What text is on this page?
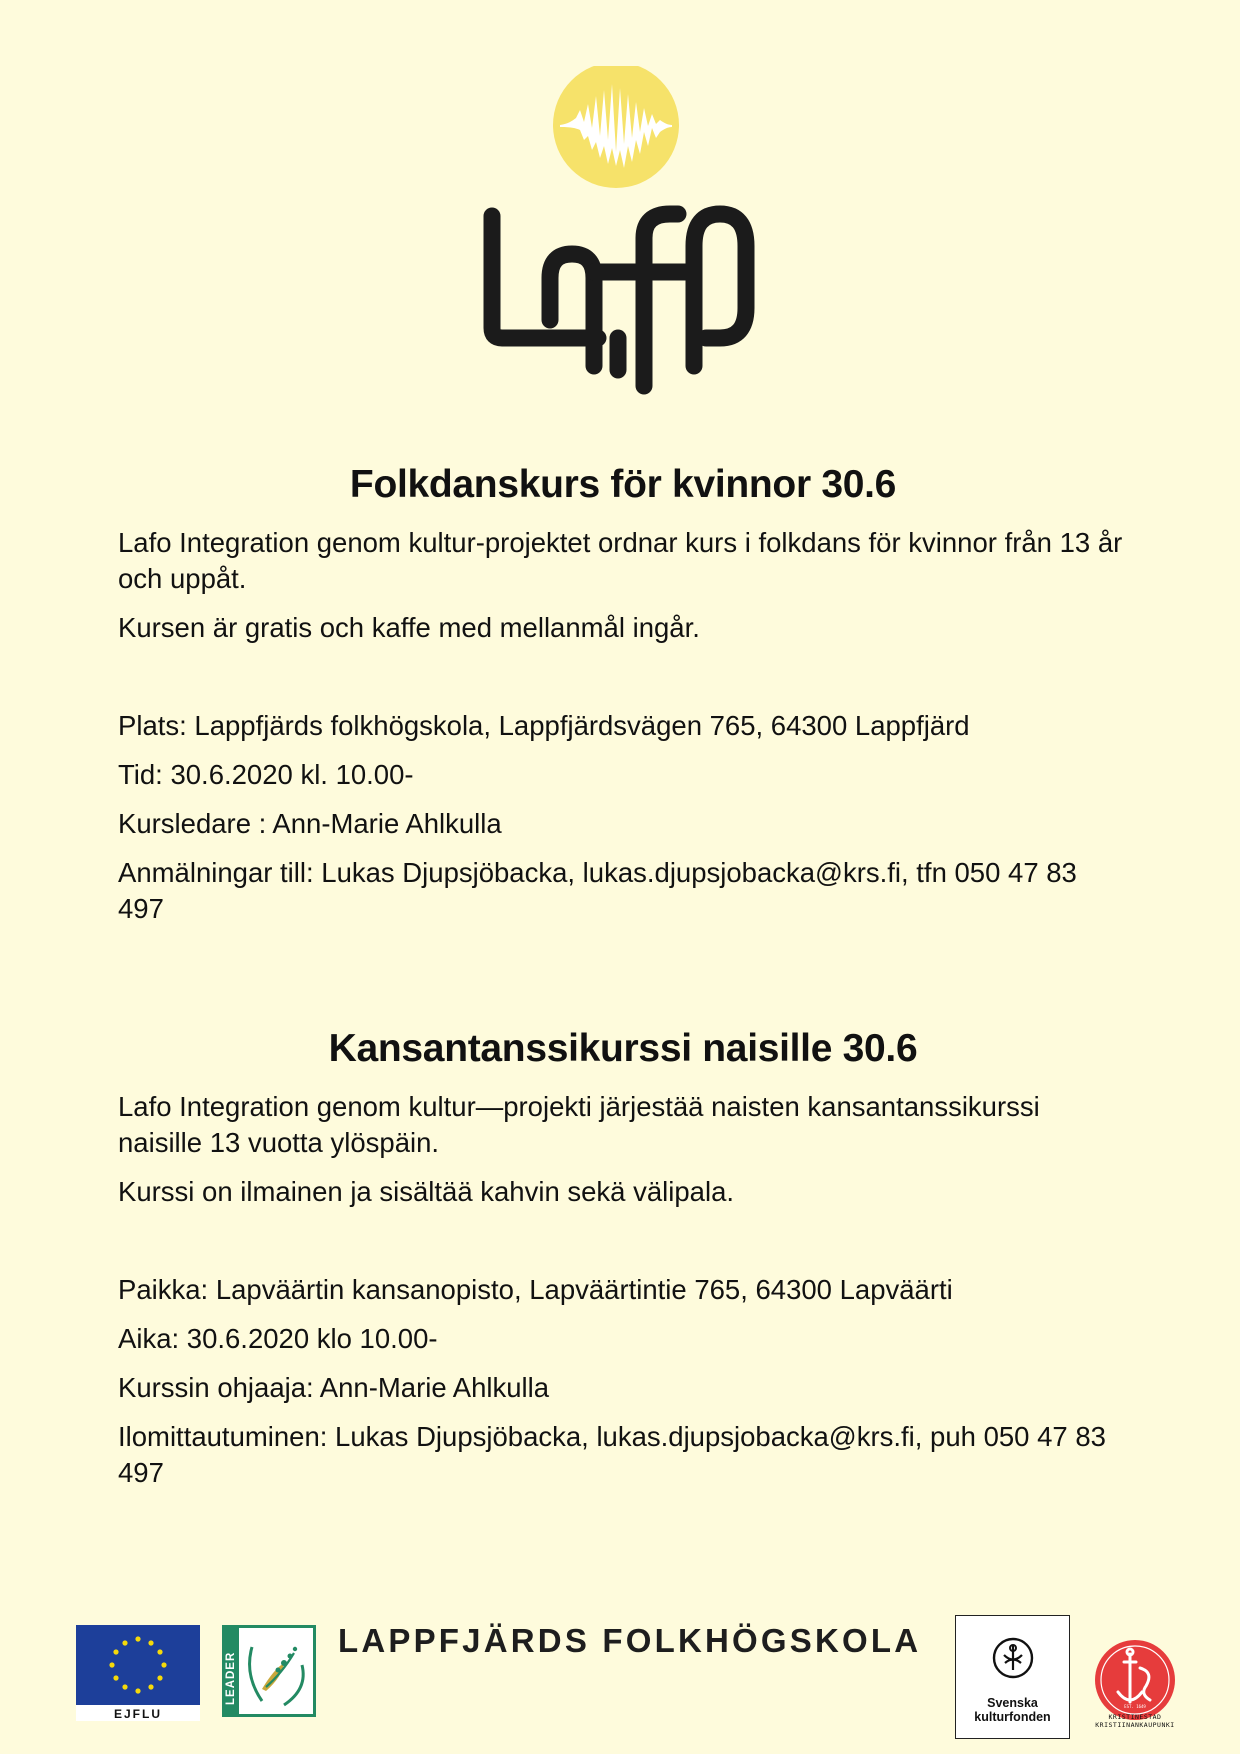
Folkdanskurs för kvinnor 30.6

Lafo Integration genom kultur-projektet ordnar kurs i folkdans för kvinnor från 13 år och uppåt.

Kursen är gratis och kaffe med mellanmål ingår.

Plats: Lappfjärds folkhögskola, Lappfjärdsvägen 765, 64300 Lappfjärd

Tid: 30.6.2020 kl. 10.00-

Kursledare : Ann-Marie Ahlkulla

Anmälningar till: Lukas Djupsjöbacka, lukas.djupsjobacka@krs.fi, tfn 050 47 83 497

Kansantanssikurssi naisille 30.6

Lafo Integration genom kultur—projekti järjestää naisten kansantanssikurssi naisille 13 vuotta ylöspäin.

Kurssi on ilmainen ja sisältää kahvin sekä välipala.

Paikka: Lapväärtin kansanopisto, Lapväärtintie 765, 64300 Lapväärti

Aika: 30.6.2020 klo 10.00-

Kurssin ohjaaja: Ann-Marie Ahlkulla

Ilomittautuminen: Lukas Djupsjöbacka, lukas.djupsjobacka@krs.fi, puh 050 47 83 497

EJFLU
LEADER
LAPPFJÄRDS FOLKHÖGSKOLA
Svenska kulturfonden
EST. 1649
KRISTINESTAD
KRISTIINANKAUPUNKI
